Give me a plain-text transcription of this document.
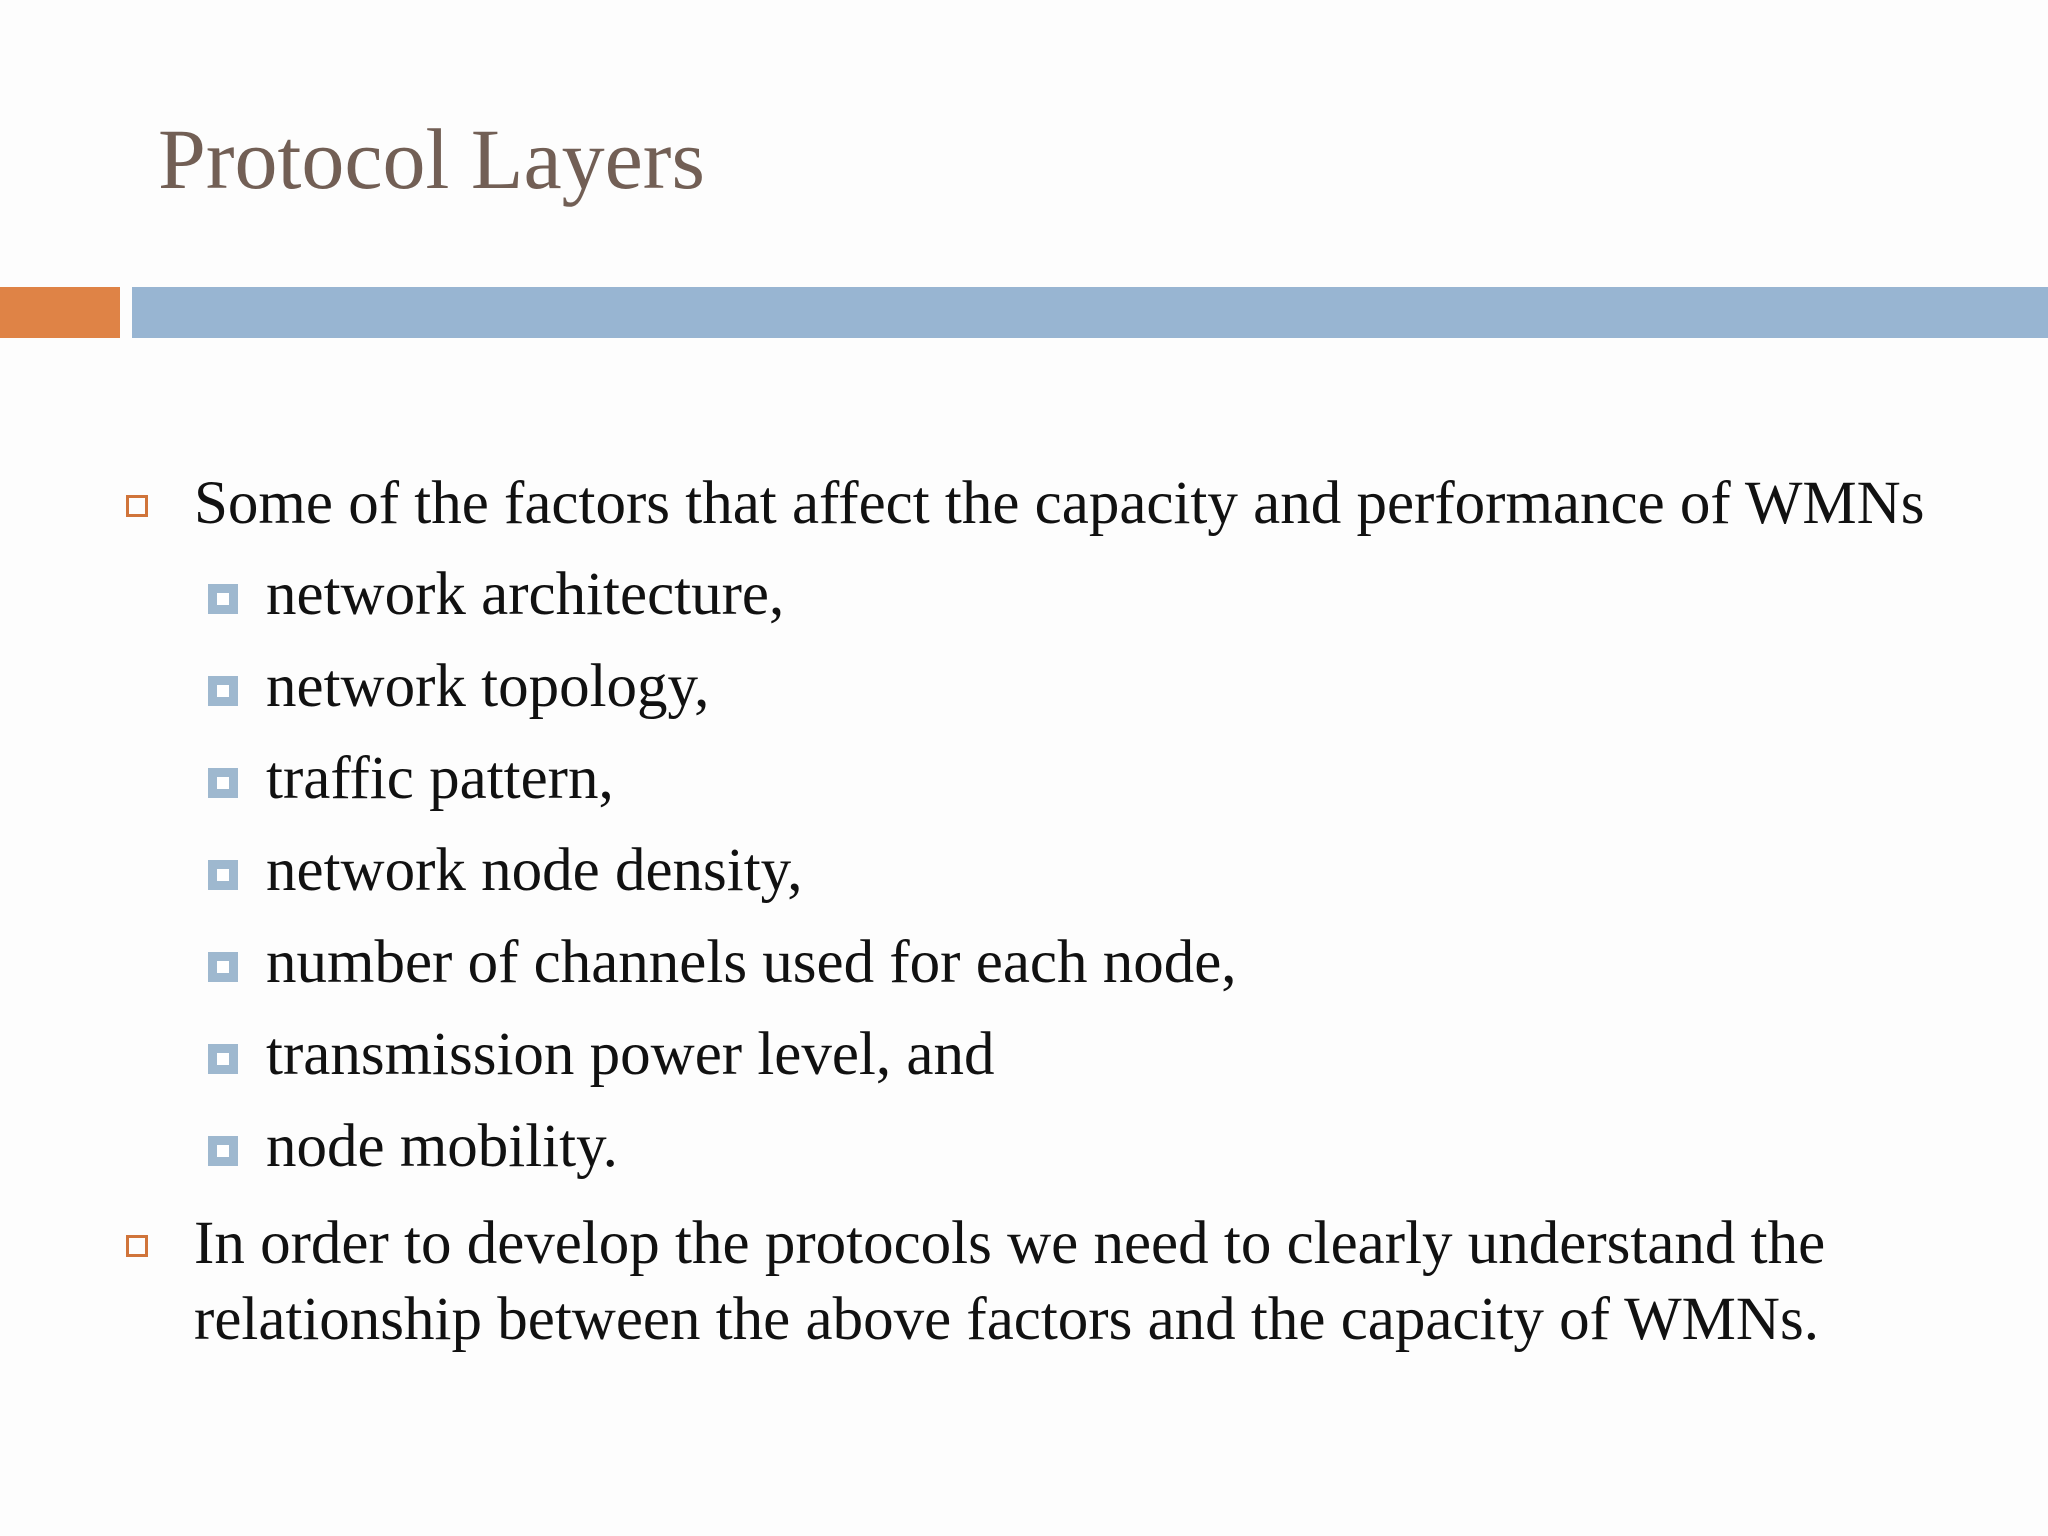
Protocol Layers
Some of the factors that affect the capacity and performance of WMNs
network architecture,
network topology,
traffic pattern,
network node density,
number of channels used for each node,
transmission power level, and
node mobility.
In order to develop the protocols we need to clearly understand the
relationship between the above factors and the capacity of WMNs.
